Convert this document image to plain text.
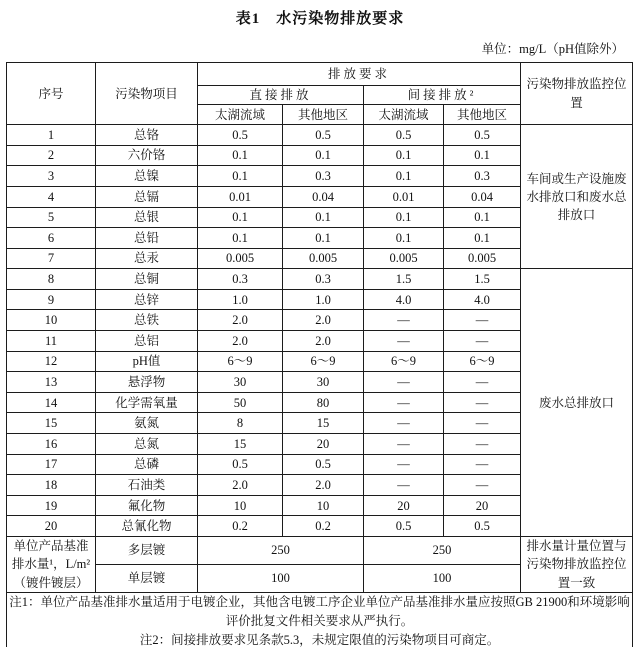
表1　水污染物排放要求
单位：mg/L（pH值除外）
序号	污染物项目	排放要求				污染物排放监控位置
		直接排放		间接排放²		
		太湖流域	其他地区	太湖流域	其他地区	
1	总铬	0.5	0.5	0.5	0.5	车间或生产设施废水排放口和废水总排放口
2	六价铬	0.1	0.1	0.1	0.1	
3	总镍	0.1	0.3	0.1	0.3	
4	总镉	0.01	0.04	0.01	0.04	
5	总银	0.1	0.1	0.1	0.1	
6	总铅	0.1	0.1	0.1	0.1	
7	总汞	0.005	0.005	0.005	0.005	
8	总铜	0.3	0.3	1.5	1.5	废水总排放口
9	总锌	1.0	1.0	4.0	4.0	
10	总铁	2.0	2.0	—	—	
11	总铝	2.0	2.0	—	—	
12	pH值	6～9	6～9	6～9	6～9	
13	悬浮物	30	30	—	—	
14	化学需氧量	50	80	—	—	
15	氨氮	8	15	—	—	
16	总氮	15	20	—	—	
17	总磷	0.5	0.5	—	—	
18	石油类	2.0	2.0	—	—	
19	氟化物	10	10	20	20	
20	总氰化物	0.2	0.2	0.5	0.5	
单位产品基准排水量¹，L/m²（镀件镀层）	多层镀	250		250		排水量计量位置与污染物排放监控位置一致
	单层镀	100		100		

注1：单位产品基准排水量适用于电镀企业，其他含电镀工序企业单位产品基准排水量应按照GB 21900和环境影响评价批复文件相关要求从严执行。
注2：间接排放要求见条款5.3，未规定限值的污染物项目可商定。						
